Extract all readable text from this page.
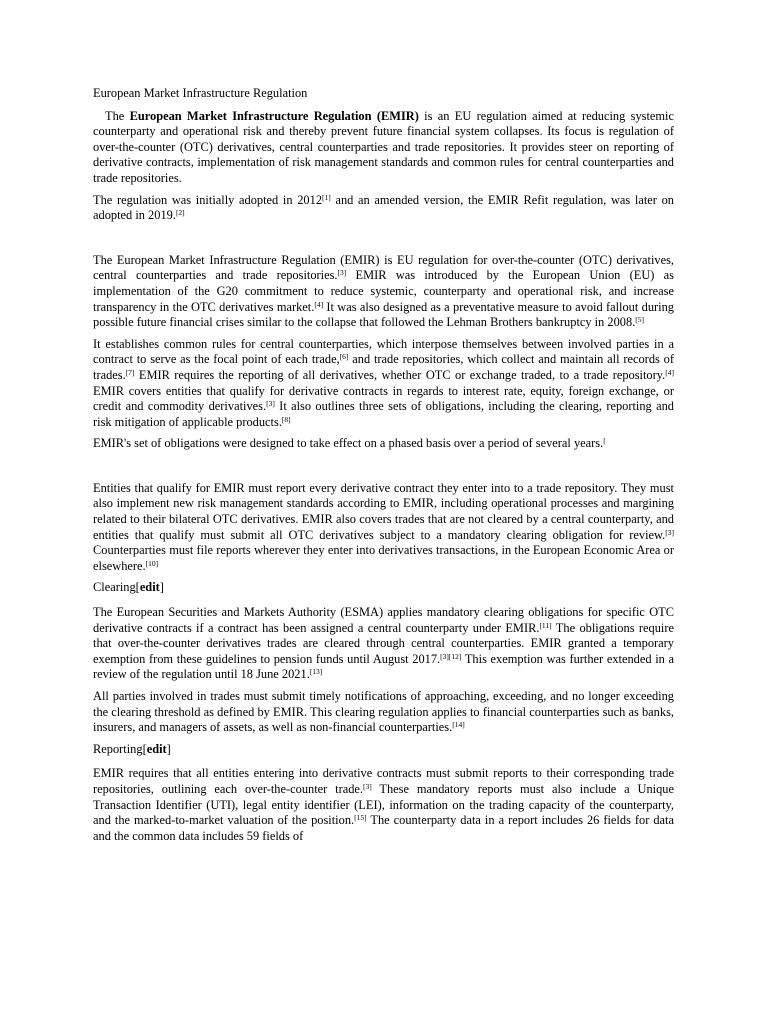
European Market Infrastructure Regulation

The European Market Infrastructure Regulation (EMIR) is an EU regulation aimed at reducing systemic counterparty and operational risk and thereby prevent future financial system collapses. Its focus is regulation of over-the-counter (OTC) derivatives, central counterparties and trade repositories. It provides steer on reporting of derivative contracts, implementation of risk management standards and common rules for central counterparties and trade repositories.

The regulation was initially adopted in 2012[1] and an amended version, the EMIR Refit regulation, was later on adopted in 2019.[2]

The European Market Infrastructure Regulation (EMIR) is EU regulation for over-the-counter (OTC) derivatives, central counterparties and trade repositories.[3] EMIR was introduced by the European Union (EU) as implementation of the G20 commitment to reduce systemic, counterparty and operational risk, and increase transparency in the OTC derivatives market.[4] It was also designed as a preventative measure to avoid fallout during possible future financial crises similar to the collapse that followed the Lehman Brothers bankruptcy in 2008.[5]

It establishes common rules for central counterparties, which interpose themselves between involved parties in a contract to serve as the focal point of each trade,[6] and trade repositories, which collect and maintain all records of trades.[7] EMIR requires the reporting of all derivatives, whether OTC or exchange traded, to a trade repository.[4] EMIR covers entities that qualify for derivative contracts in regards to interest rate, equity, foreign exchange, or credit and commodity derivatives.[3] It also outlines three sets of obligations, including the clearing, reporting and risk mitigation of applicable products.[8]

EMIR's set of obligations were designed to take effect on a phased basis over a period of several years.[

Entities that qualify for EMIR must report every derivative contract they enter into to a trade repository. They must also implement new risk management standards according to EMIR, including operational processes and margining related to their bilateral OTC derivatives. EMIR also covers trades that are not cleared by a central counterparty, and entities that qualify must submit all OTC derivatives subject to a mandatory clearing obligation for review.[3] Counterparties must file reports wherever they enter into derivatives transactions, in the European Economic Area or elsewhere.[10]

Clearing[edit]

The European Securities and Markets Authority (ESMA) applies mandatory clearing obligations for specific OTC derivative contracts if a contract has been assigned a central counterparty under EMIR.[11] The obligations require that over-the-counter derivatives trades are cleared through central counterparties. EMIR granted a temporary exemption from these guidelines to pension funds until August 2017.[3][12] This exemption was further extended in a review of the regulation until 18 June 2021.[13]

All parties involved in trades must submit timely notifications of approaching, exceeding, and no longer exceeding the clearing threshold as defined by EMIR. This clearing regulation applies to financial counterparties such as banks, insurers, and managers of assets, as well as non-financial counterparties.[14]

Reporting[edit]

EMIR requires that all entities entering into derivative contracts must submit reports to their corresponding trade repositories, outlining each over-the-counter trade.[3] These mandatory reports must also include a Unique Transaction Identifier (UTI), legal entity identifier (LEI), information on the trading capacity of the counterparty, and the marked-to-market valuation of the position.[15] The counterparty data in a report includes 26 fields for data and the common data includes 59 fields of
